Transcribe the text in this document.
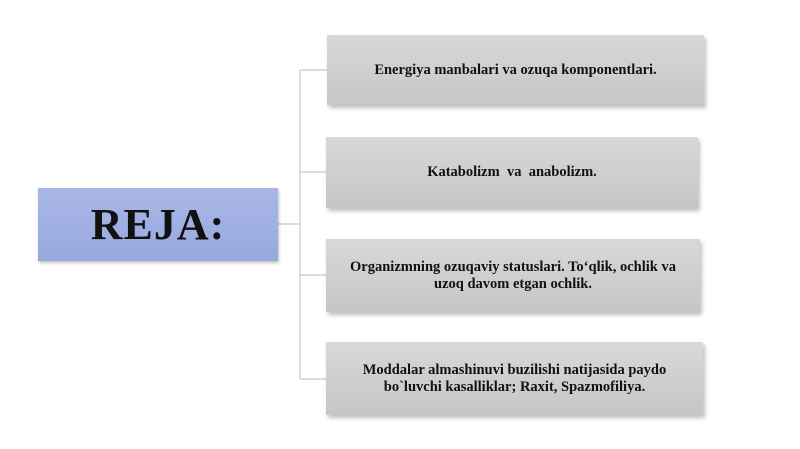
REJA:
Energiya manbalari va ozuqa komponentlari.
Katabolizm  va  anabolizm.
Organizmning ozuqaviy statuslari. To‘qlik, ochlik va uzoq davom etgan ochlik.
Moddalar almashinuvi buzilishi natijasida paydo bo`luvchi kasalliklar; Raxit, Spazmofiliya.
